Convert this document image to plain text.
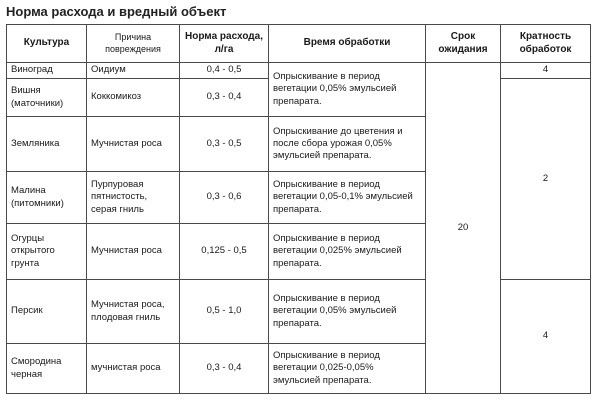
Норма расхода и вредный объект
Культура	Причина повреждения	Норма расхода, л/га	Время обработки	Срок ожидания	Кратность обработок
Виноград	Оидиум	0,4 - 0,5	Опрыскивание в период вегетации 0,05% эмульсией препарата.	20	4
Вишня (маточники)	Коккомикоз	0,3 - 0,4			2
Земляника	Мучнистая роса	0,3 - 0,5	Опрыскивание до цветения и после сбора урожая 0,05% эмульсией препарата.		
Малина (питомники)	Пурпуровая пятнистость, серая гниль	0,3 - 0,6	Опрыскивание в период вегетации 0,05-0,1% эмульсией препарата.		
Огурцы открытого грунта	Мучнистая роса	0,125 - 0,5	Опрыскивание в период вегетации 0,025% эмульсией препарата.		
Персик	Мучнистая роса, плодовая гниль	0,5 - 1,0	Опрыскивание в период вегетации 0,05% эмульсией препарата.		4
Смородина черная	мучнистая роса	0,3 - 0,4	Опрыскивание в период вегетации 0,025-0,05% эмульсией препарата.		
